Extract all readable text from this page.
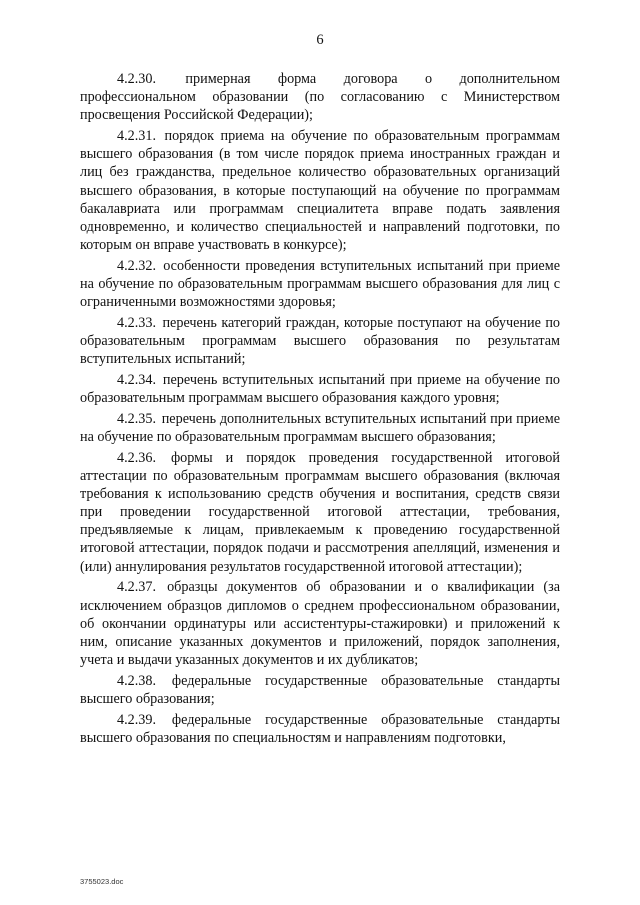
6

4.2.30. примерная форма договора о дополнительном профессиональном образовании (по согласованию с Министерством просвещения Российской Федерации);

4.2.31. порядок приема на обучение по образовательным программам высшего образования (в том числе порядок приема иностранных граждан и лиц без гражданства, предельное количество образовательных организаций высшего образования, в которые поступающий на обучение по программам бакалавриата или программам специалитета вправе подать заявления одновременно, и количество специальностей и направлений подготовки, по которым он вправе участвовать в конкурсе);

4.2.32. особенности проведения вступительных испытаний при приеме на обучение по образовательным программам высшего образования для лиц с ограниченными возможностями здоровья;

4.2.33. перечень категорий граждан, которые поступают на обучение по образовательным программам высшего образования по результатам вступительных испытаний;

4.2.34. перечень вступительных испытаний при приеме на обучение по образовательным программам высшего образования каждого уровня;

4.2.35. перечень дополнительных вступительных испытаний при приеме на обучение по образовательным программам высшего образования;

4.2.36. формы и порядок проведения государственной итоговой аттестации по образовательным программам высшего образования (включая требования к использованию средств обучения и воспитания, средств связи при проведении государственной итоговой аттестации, требования, предъявляемые к лицам, привлекаемым к проведению государственной итоговой аттестации, порядок подачи и рассмотрения апелляций, изменения и (или) аннулирования результатов государственной итоговой аттестации);

4.2.37. образцы документов об образовании и о квалификации (за исключением образцов дипломов о среднем профессиональном образовании, об окончании ординатуры или ассистентуры-стажировки) и приложений к ним, описание указанных документов и приложений, порядок заполнения, учета и выдачи указанных документов и их дубликатов;

4.2.38. федеральные государственные образовательные стандарты высшего образования;

4.2.39. федеральные государственные образовательные стандарты высшего образования по специальностям и направлениям подготовки,

3755023.doc
